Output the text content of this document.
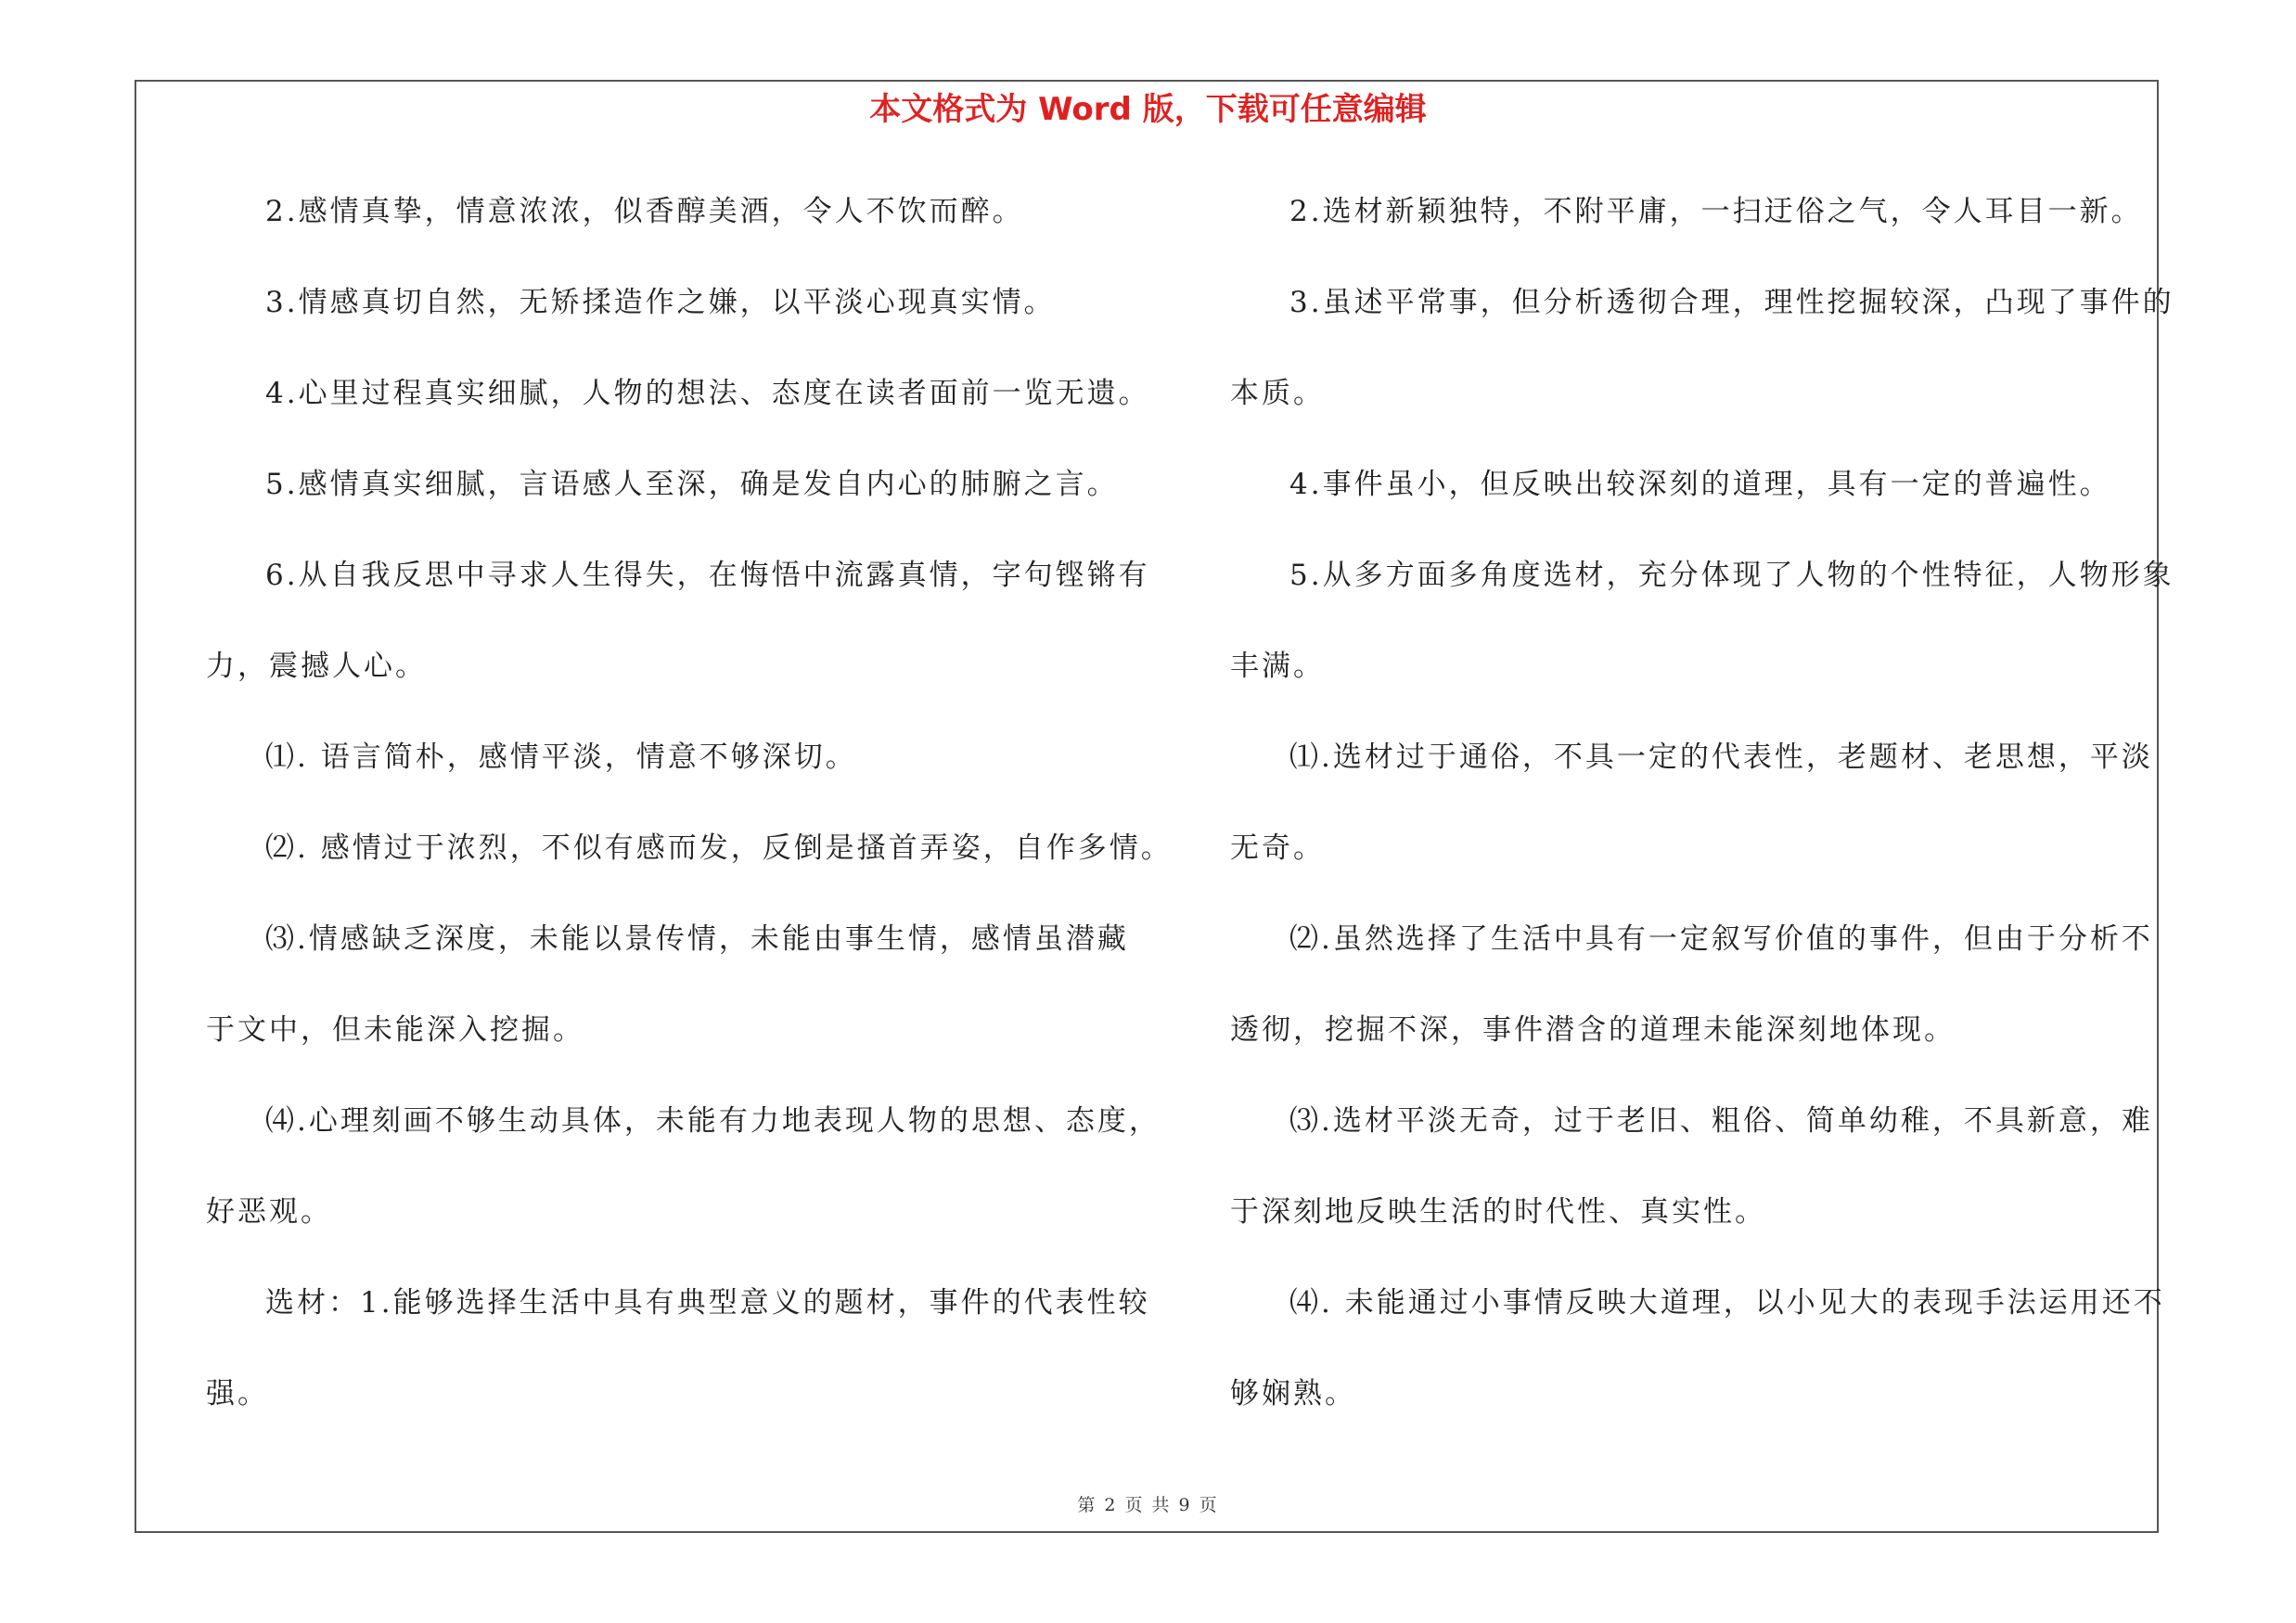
本文格式为 Word 版，下载可任意编辑
2.感情真挚，情意浓浓，似香醇美酒，令人不饮而醉。
3.情感真切自然，无矫揉造作之嫌，以平淡心现真实情。
4.心里过程真实细腻，人物的想法、态度在读者面前一览无遗。
5.感情真实细腻，言语感人至深，确是发自内心的肺腑之言。
6.从自我反思中寻求人生得失，在悔悟中流露真情，字句铿锵有
力，震撼人心。
⑴. 语言简朴，感情平淡，情意不够深切。
⑵. 感情过于浓烈，不似有感而发，反倒是搔首弄姿，自作多情。
⑶.情感缺乏深度，未能以景传情，未能由事生情，感情虽潜藏
于文中，但未能深入挖掘。
⑷.心理刻画不够生动具体，未能有力地表现人物的思想、态度，
好恶观。
选材：1.能够选择生活中具有典型意义的题材，事件的代表性较
强。
2.选材新颖独特，不附平庸，一扫迂俗之气，令人耳目一新。
3.虽述平常事，但分析透彻合理，理性挖掘较深，凸现了事件的
本质。
4.事件虽小，但反映出较深刻的道理，具有一定的普遍性。
5.从多方面多角度选材，充分体现了人物的个性特征，人物形象
丰满。
⑴.选材过于通俗，不具一定的代表性，老题材、老思想，平淡
无奇。
⑵.虽然选择了生活中具有一定叙写价值的事件，但由于分析不
透彻，挖掘不深，事件潜含的道理未能深刻地体现。
⑶.选材平淡无奇，过于老旧、粗俗、简单幼稚，不具新意，难
于深刻地反映生活的时代性、真实性。
⑷. 未能通过小事情反映大道理，以小见大的表现手法运用还不
够娴熟。
第 2 页 共 9 页
